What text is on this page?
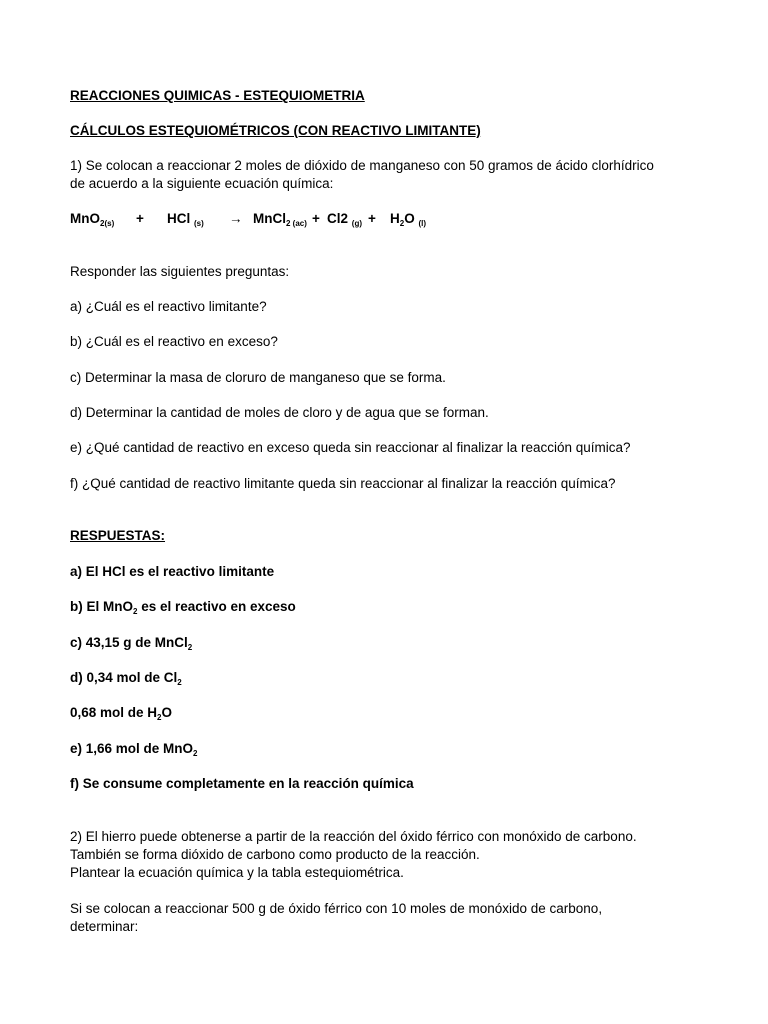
REACCIONES QUIMICAS - ESTEQUIOMETRIA
CÁLCULOS ESTEQUIOMÉTRICOS (CON REACTIVO LIMITANTE)
1) Se colocan a reaccionar 2 moles de dióxido de manganeso con 50 gramos de ácido clorhídrico
de acuerdo a la siguiente ecuación química:
MnO$_{2(s)}$ + HCl $_{(s)}$ → MnCl$_{2 (ac)}$ + Cl2 $_{(g)} + H_2O$ $_{(l)}$
Responder las siguientes preguntas:
a) ¿Cuál es el reactivo limitante?
b) ¿Cuál es el reactivo en exceso?
c) Determinar la masa de cloruro de manganeso que se forma.
d) Determinar la cantidad de moles de cloro y de agua que se forman.
e) ¿Qué cantidad de reactivo en exceso queda sin reaccionar al finalizar la reacción química?
f) ¿Qué cantidad de reactivo limitante queda sin reaccionar al finalizar la reacción química?
RESPUESTAS:
a) El HCl es el reactivo limitante
b) El MnO$_2$ es el reactivo en exceso
c) 43,15 g de MnCl$_2$
d) 0,34 mol de $Cl_2$
0,68 mol de $H_2O$
e) 1,66 mol de MnO$_2$
f) Se consume completamente en la reacción química
2) El hierro puede obtenerse a partir de la reacción del óxido férrico con monóxido de carbono.
También se forma dióxido de carbono como producto de la reacción.
Plantear la ecuación química y la tabla estequiométrica.
Si se colocan a reaccionar 500 g de óxido férrico con 10 moles de monóxido de carbono,
determinar:
